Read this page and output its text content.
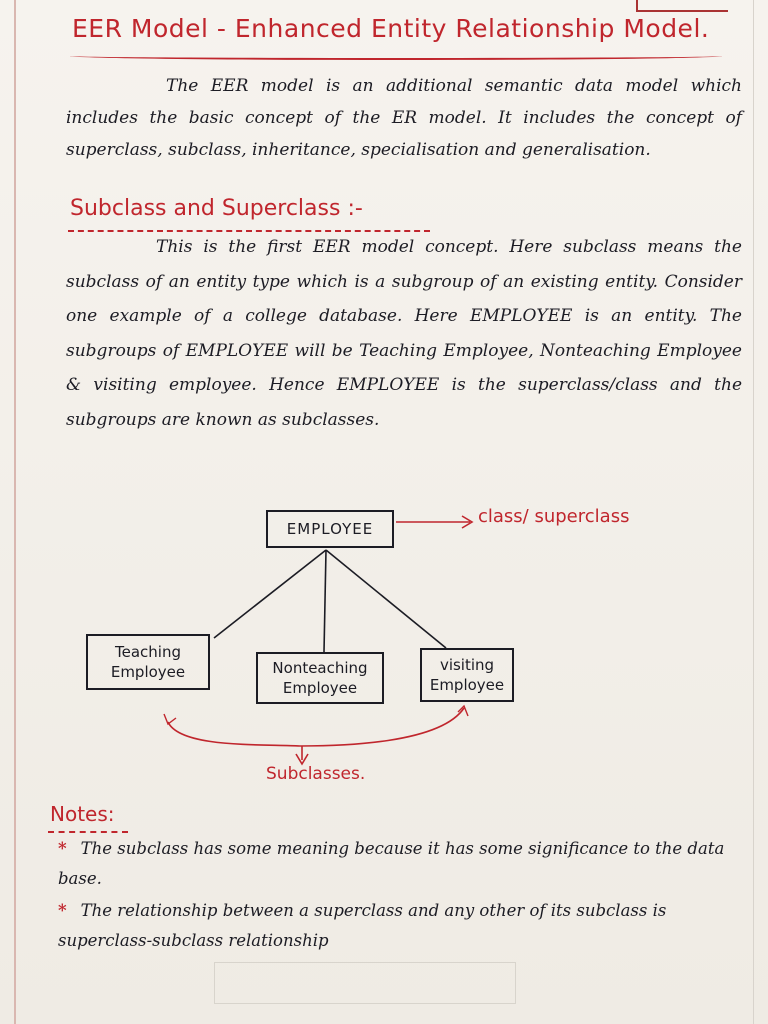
EER Model - Enhanced Entity Relationship Model.
The EER model is an additional semantic data model which includes the basic concept of the ER model. It includes the concept of superclass, subclass, inheritance, specialisation and generalisation.
Subclass and Superclass :-
This is the first EER model concept. Here subclass means the subclass of an entity type which is a subgroup of an existing entity. Consider one example of a college database. Here EMPLOYEE is an entity. The subgroups of EMPLOYEE will be Teaching Employee, Nonteaching Employee & visiting employee. Hence EMPLOYEE is the superclass/class and the subgroups are known as subclasses.
EMPLOYEE
class/ superclass
Teaching Employee	Nonteaching Employee
visiting Employee
Subclasses.
Notes:
* The subclass has some meaning because it has some significance to the data base.
* The relationship between a superclass and any other of its subclass is superclass-subclass relationship
